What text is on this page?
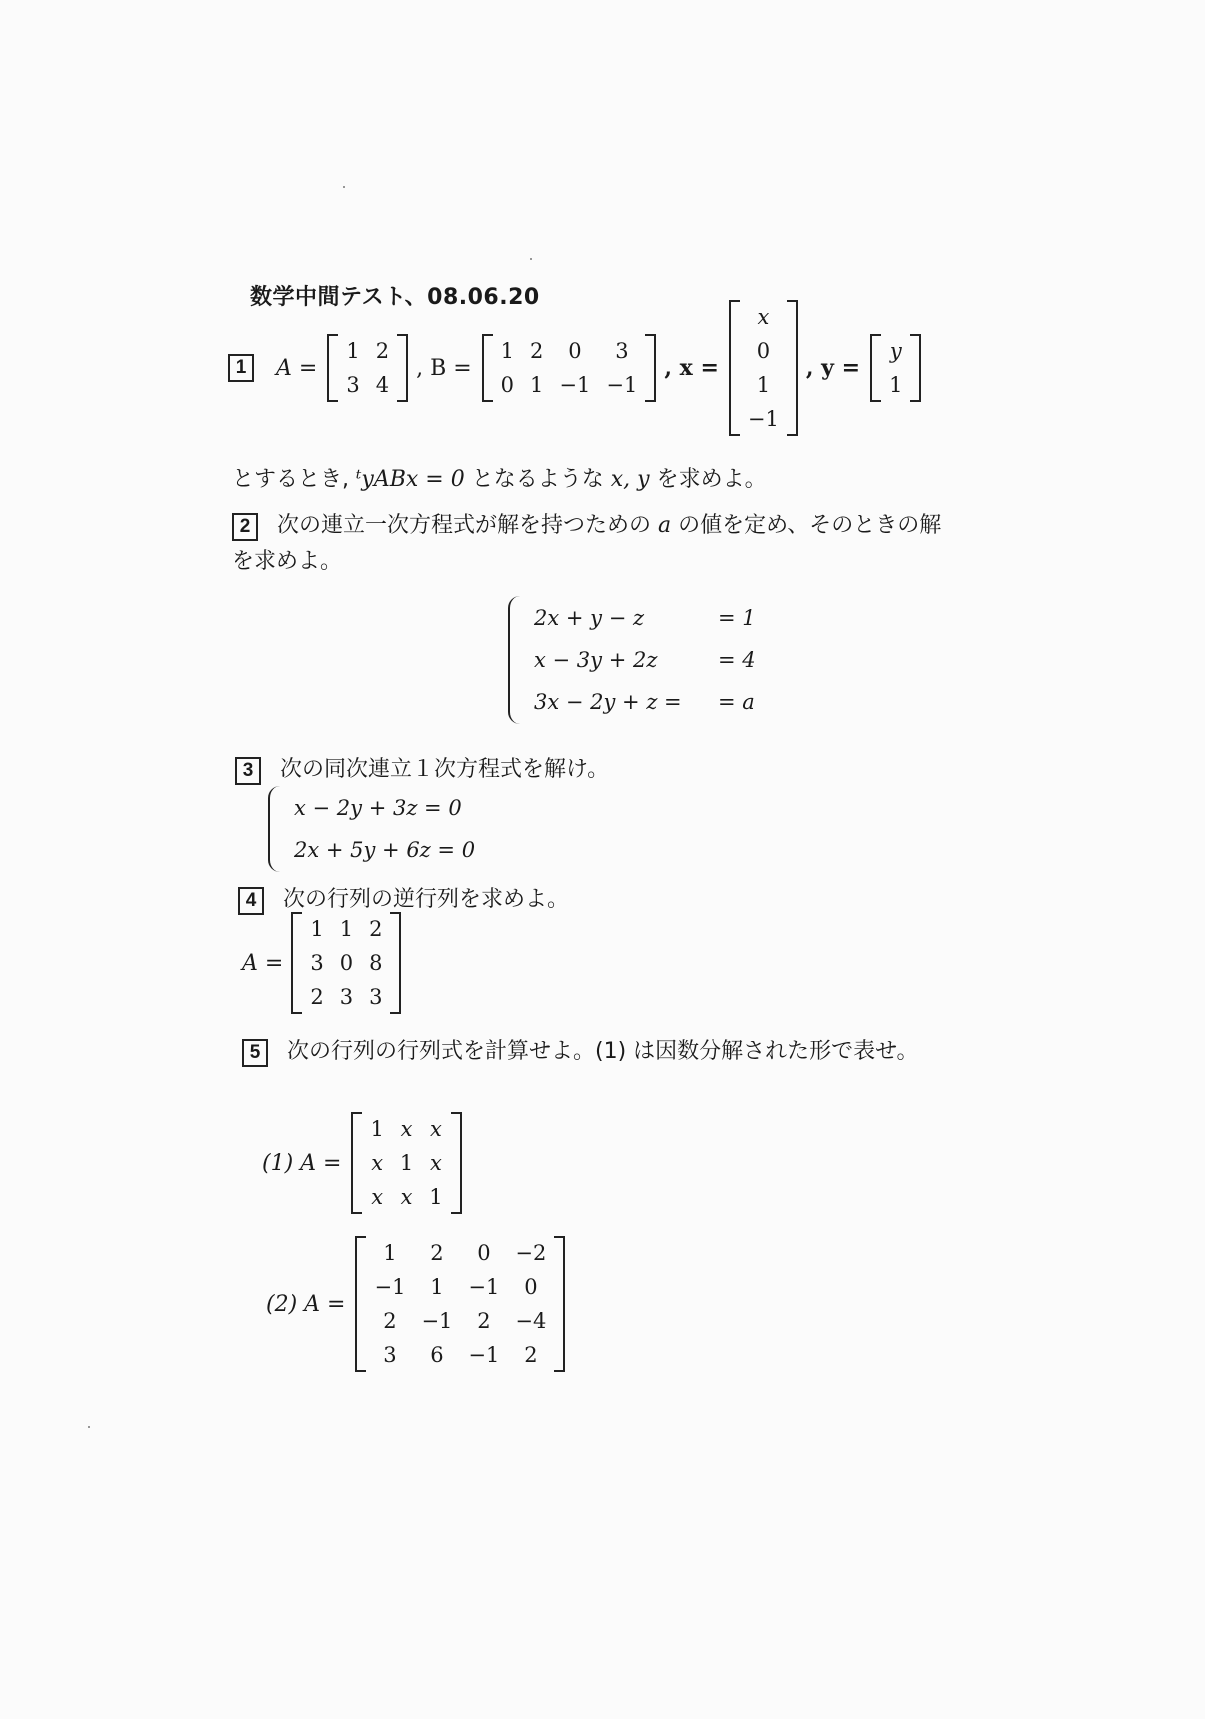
数学中間テスト、08.06.20
1	A =
1	2
3	4
, B =
1	2	0	3
0	1	−1	−1
, x =
x
0
1
−1
, y =
y
1
とするとき, ᵗyABx = 0 となるような x, y を求めよ。
2 次の連立一次方程式が解を持つための a の値を定め、そのときの解
を求めよ。
2x + y − z	= 1
x − 3y + 2z	= 4
3x − 2y + z =	= a
3 次の同次連立１次方程式を解け。
x − 2y + 3z = 0
2x + 5y + 6z = 0
4 次の行列の逆行列を求めよ。
A =
1	1	2
3	0	8
2	3	3
5 次の行列の行列式を計算せよ。(1) は因数分解された形で表せ。
(1) A =
1	x	x
x	1	x
x	x	1
(2) A =
1	2	0	−2
−1	1	−1	0
2	−1	2	−4
3	6	−1	2
